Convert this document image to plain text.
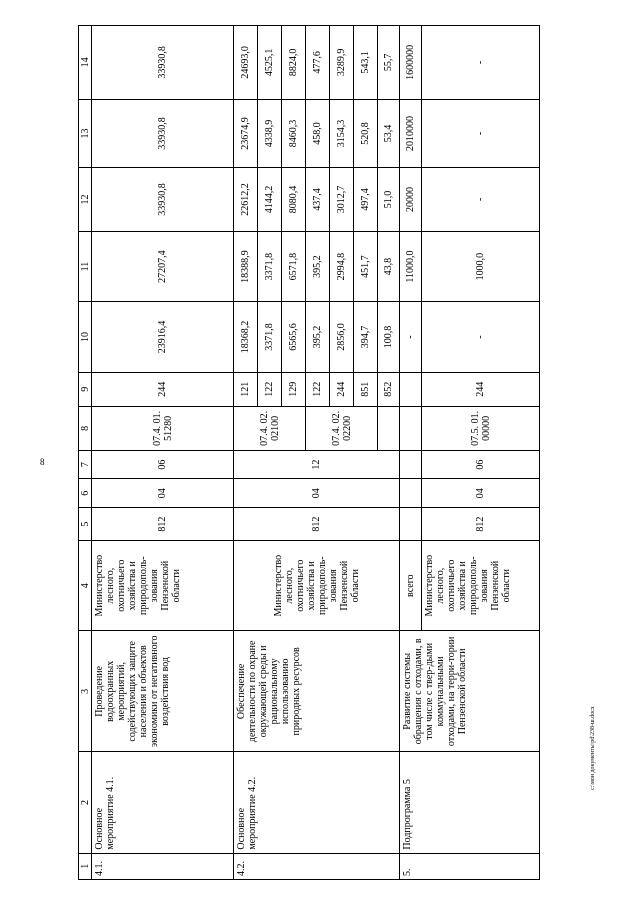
8
c:\мои документы\pd\238-ш.docx
1	2	3	4	5	6	7	8	9	10	11	12	13	14
4.1.	Основное мероприятие 4.1.	Проведение водоохранных мероприятий, содействующих защите населения и объектов экономики от негативного воздействия вод	Министерство лесного, охотничьего хозяйства и природополь-зования Пензенской области	812	04	06	07.4. 01. 51280	244	23916,4	27207,4	33930,8	33930,8	33930,8
4.2.	Основное мероприятие 4.2.	Обеспечение деятельности по охране окружающей среды и рациональному использованию природных ресурсов	Министерство лесного, охотничьего хозяйства и природополь-зования Пензенской области	812	04	12	07.4. 02. 02100	121	18368,2	18388,9	22612,2	23674,9	24693,0
								122	3371,8	3371,8	4144,2	4338,9	4525,1
								129	6565,6	6571,8	8080,4	8460,3	8824,0
							07.4. 02. 02200	122	395,2	395,2	437,4	458,0	477,6
								244	2856,0	2994,8	3012,7	3154,3	3289,9
								851	394,7	451,7	497,4	520,8	543,1
								852	100,8	43,8	51,0	53,4	55,7
5.	Подпрограмма 5	Развитие системы обращения с отходами, в том числе с твер-дыми коммунальными отходами, на терри-тории Пензенской области	всего						-	11000,0	20000	2010000	1600000
			Министерство лесного, охотничьего хозяйства и природополь-зования Пензенской области	812	04	06	07.5. 01. 00000	244	-	1000,0	-	-	-
